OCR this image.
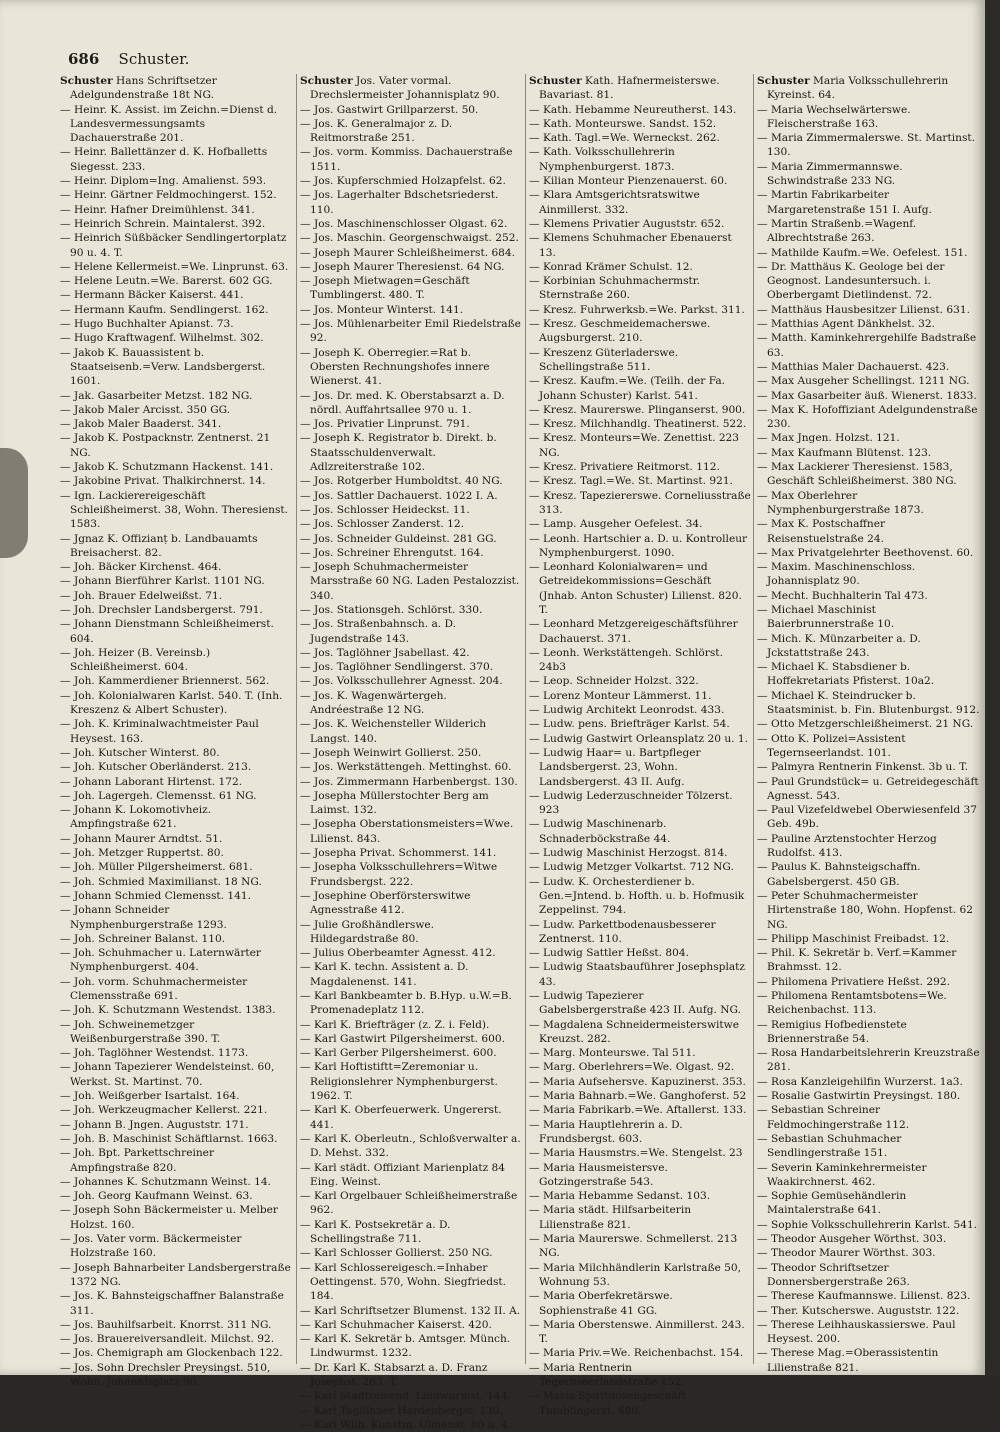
686 Schuster.

Schuster Hans Schriftsetzer Adelgundenstraße 18t NG.

— Heinr. K. Assist. im Zeichn.=Dienst d. Landesvermessungsamts Dachauerstraße 201.

— Heinr. Ballettänzer d. K. Hofballetts Siegesst. 233.

— Heinr. Diplom=Ing. Amalienst. 593.

— Heinr. Gärtner Feldmochingerst. 152.

— Heinr. Hafner Dreimühlenst. 341.

— Heinrich Schrein. Maintalerst. 392.

— Heinrich Süßbäcker Sendlingertorplatz 90 u. 4. T.

— Helene Kellermeist.=We. Linprunst. 63.

— Helene Leutn.=We. Barerst. 602 GG.

— Hermann Bäcker Kaiserst. 441.

— Hermann Kaufm. Sendlingerst. 162.

— Hugo Buchhalter Apianst. 73.

— Hugo Kraftwagenf. Wilhelmst. 302.

— Jakob K. Bauassistent b. Staatseisenb.=Verw. Landsbergerst. 1601.

— Jak. Gasarbeiter Metzst. 182 NG.

— Jakob Maler Arcisst. 350 GG.

— Jakob Maler Baaderst. 341.

— Jakob K. Postpacknstr. Zentnerst. 21 NG.

— Jakob K. Schutzmann Hackenst. 141.

— Jakobine Privat. Thalkirchnerst. 14.

— Ign. Lackierereigeschäft Schleißheimerst. 38, Wohn. Theresienst. 1583.

— Jgnaz K. Offizianț b. Landbauamts Breisacherst. 82.

— Joh. Bäcker Kirchenst. 464.

— Johann Bierführer Karlst. 1101 NG.

— Joh. Brauer Edelweißst. 71.

— Joh. Drechsler Landsbergerst. 791.

— Johann Dienstmann Schleißheimerst. 604.

— Joh. Heizer (B. Vereinsb.) Schleißheimerst. 604.

— Joh. Kammerdiener Briennerst. 562.

— Joh. Kolonialwaren Karlst. 540. T. (Inh. Kreszenz & Albert Schuster).

— Joh. K. Kriminalwachtmeister Paul Heysest. 163.

— Joh. Kutscher Winterst. 80.

— Joh. Kutscher Oberländerst. 213.

— Johann Laborant Hirtenst. 172.

— Joh. Lagergeh. Clemensst. 61 NG.

— Johann K. Lokomotivheiz. Ampfingstraße 621.

— Johann Maurer Arndtst. 51.

— Joh. Metzger Ruppertst. 80.

— Joh. Müller Pilgersheimerst. 681.

— Joh. Schmied Maximilianst. 18 NG.

— Johann Schmied Clemensst. 141.

— Johann Schneider Nymphenburgerstraße 1293.

— Joh. Schreiner Balanst. 110.

— Joh. Schuhmacher u. Laternwärter Nymphenburgerst. 404.

— Joh. vorm. Schuhmachermeister Clemensstraße 691.

— Joh. K. Schutzmann Westendst. 1383.

— Joh. Schweinemetzger Weißenburgerstraße 390. T.

— Joh. Taglöhner Westendst. 1173.

— Johann Tapezierer Wendelsteinst. 60, Werkst. St. Martinst. 70.

— Joh. Weißgerber Isartalst. 164.

— Joh. Werkzeugmacher Kellerst. 221.

— Johann B. Jngen. Auguststr. 171.

— Joh. B. Maschinist Schäftlarnst. 1663.

— Joh. Bpt. Parkettschreiner Ampfingstraße 820.

— Johannes K. Schutzmann Weinst. 14.

— Joh. Georg Kaufmann Weinst. 63.

— Joseph Sohn Bäckermeister u. Melber Holzst. 160.

— Jos. Vater vorm. Bäckermeister Holzstraße 160.

— Joseph Bahnarbeiter Landsbergerstraße 1372 NG.

— Jos. K. Bahnsteigschaffner Balanstraße 311.

— Jos. Bauhilfsarbeit. Knorrst. 311 NG.

— Jos. Brauereiversandleit. Milchst. 92.

— Jos. Chemigraph am Glockenbach 122.

— Jos. Sohn Drechsler Preysingst. 510, Wohn. Johannisplatz 90.

Schuster Jos. Vater vormal. Drechslermeister Johannisplatz 90.

— Jos. Gastwirt Grillparzerst. 50.

— Jos. K. Generalmajor z. D. Reitmorstraße 251.

— Jos. vorm. Kommiss. Dachauerstraße 1511.

— Jos. Kupferschmied Holzapfelst. 62.

— Jos. Lagerhalter Bdschetsriederst. 110.

— Jos. Maschinenschlosser Olgast. 62.

— Jos. Maschin. Georgenschwaigst. 252.

— Joseph Maurer Schleißheimerst. 684.

— Joseph Maurer Theresienst. 64 NG.

— Joseph Mietwagen=Geschäft Tumblingerst. 480. T.

— Jos. Monteur Winterst. 141.

— Jos. Mühlenarbeiter Emil Riedelstraße 92.

— Joseph K. Oberregier.=Rat b. Obersten Rechnungshofes innere Wienerst. 41.

— Jos. Dr. med. K. Oberstabsarzt a. D. nördl. Auffahrtsallee 970 u. 1.

— Jos. Privatier Linprunst. 791.

— Joseph K. Registrator b. Direkt. b. Staatsschuldenverwalt. Adlzreiterstraße 102.

— Jos. Rotgerber Humboldtst. 40 NG.

— Jos. Sattler Dachauerst. 1022 I. A.

— Jos. Schlosser Heideckst. 11.

— Jos. Schlosser Zanderst. 12.

— Jos. Schneider Guldeinst. 281 GG.

— Jos. Schreiner Ehrengutst. 164.

— Joseph Schuhmachermeister Marsstraße 60 NG. Laden Pestalozzist. 340.

— Jos. Stationsgeh. Schlörst. 330.

— Jos. Straßenbahnsch. a. D. Jugendstraße 143.

— Jos. Taglöhner Jsabellast. 42.

— Jos. Taglöhner Sendlingerst. 370.

— Jos. Volksschullehrer Agnesst. 204.

— Jos. K. Wagenwärtergeh. Andréestraße 12 NG.

— Jos. K. Weichensteller Wilderich Langst. 140.

— Joseph Weinwirt Gollierst. 250.

— Jos. Werkstättengeh. Mettinghst. 60.

— Jos. Zimmermann Harbenbergst. 130.

— Josepha Müllerstochter Berg am Laimst. 132.

— Josepha Oberstationsmeisters=Wwe. Lilienst. 843.

— Josepha Privat. Schommerst. 141.

— Josepha Volksschullehrers=Witwe Frundsbergst. 222.

— Josephine Oberförsterswitwe Agnesstraße 412.

— Julie Großhändlerswe. Hildegardstraße 80.

— Julius Oberbeamter Agnesst. 412.

— Karl K. techn. Assistent a. D. Magdalenenst. 141.

— Karl Bankbeamter b. B.Hyp. u.W.=B. Promenadeplatz 112.

— Karl K. Briefträger (z. Z. i. Feld).

— Karl Gastwirt Pilgersheimerst. 600.

— Karl Gerber Pilgersheimerst. 600.

— Karl Hoftistiftt=Zeremoniar u. Religionslehrer Nymphenburgerst. 1962. T.

— Karl K. Oberfeuerwerk. Ungererst. 441.

— Karl K. Oberleutn., Schloßverwalter a. D. Mehst. 332.

— Karl städt. Offiziant Marienplatz 84 Eing. Weinst.

— Karl Orgelbauer Schleißheimerstraße 962.

— Karl K. Postsekretär a. D. Schellingstraße 711.

— Karl Schlosser Gollierst. 250 NG.

— Karl Schlossereigesch.=Inhaber Oettingenst. 570, Wohn. Siegfriedst. 184.

— Karl Schriftsetzer Blumenst. 132 II. A.

— Karl Schuhmacher Kaiserst. 420.

— Karl K. Sekretär b. Amtsger. Münch. Lindwurmst. 1232.

— Dr. Karl K. Stabsarzt a. D. Franz Josephst. 263. T.

— Karl Stadtreisend. Lindwurmst. 144.

— Karl Taglöhner Hardenbergst. 130.

— Karl Wilh. Kunstm. Ulmenst. 80 u. 4.

Schuster Kath. Hafnermeisterswe. Bavariast. 81.

— Kath. Hebamme Neureutherst. 143.

— Kath. Monteurswe. Sandst. 152.

— Kath. Tagl.=We. Werneckst. 262.

— Kath. Volksschullehrerin Nymphenburgerst. 1873.

— Kilian Monteur Pienzenauerst. 60.

— Klara Amtsgerichtsratswitwe Ainmillerst. 332.

— Klemens Privatier Auguststr. 652.

— Klemens Schuhmacher Ebenauerst 13.

— Konrad Krämer Schulst. 12.

— Korbinian Schuhmachermstr. Sternstraße 260.

— Kresz. Fuhrwerksb.=We. Parkst. 311.

— Kresz. Geschmeidemacherswe. Augsburgerst. 210.

— Kreszenz Güterladerswe. Schellingstraße 511.

— Kresz. Kaufm.=We. (Teilh. der Fa. Johann Schuster) Karlst. 541.

— Kresz. Maurerswe. Plinganserst. 900.

— Kresz. Milchhandlg. Theatinerst. 522.

— Kresz. Monteurs=We. Zenettist. 223 NG.

— Kresz. Privatiere Reitmorst. 112.

— Kresz. Tagl.=We. St. Martinst. 921.

— Kresz. Tapeziererswe. Corneliusstraße 313.

— Lamp. Ausgeher Oefelest. 34.

— Leonh. Hartschier a. D. u. Kontrolleur Nymphenburgerst. 1090.

— Leonhard Kolonialwaren= und Getreidekommissions=Geschäft (Jnhab. Anton Schuster) Lilienst. 820. T.

— Leonhard Metzgereigeschäftsführer Dachauerst. 371.

— Leonh. Werkstättengeh. Schlörst. 24b3

— Leop. Schneider Holzst. 322.

— Lorenz Monteur Lämmerst. 11.

— Ludwig Architekt Leonrodst. 433.

— Ludw. pens. Briefträger Karlst. 54.

— Ludwig Gastwirt Orleansplatz 20 u. 1.

— Ludwig Haar= u. Bartpfleger Landsbergerst. 23, Wohn. Landsbergerst. 43 II. Aufg.

— Ludwig Lederzuschneider Tölzerst. 923

— Ludwig Maschinenarb. Schnaderböckstraße 44.

— Ludwig Maschinist Herzogst. 814.

— Ludwig Metzger Volkartst. 712 NG.

— Ludw. K. Orchesterdiener b. Gen.=Jntend. b. Hofth. u. b. Hofmusik Zeppelinst. 794.

— Ludw. Parkettbodenausbesserer Zentnerst. 110.

— Ludwig Sattler Heßst. 804.

— Ludwig Staatsbauführer Josephsplatz 43.

— Ludwig Tapezierer Gabelsbergerstraße 423 II. Aufg. NG.

— Magdalena Schneidermeisterswitwe Kreuzst. 282.

— Marg. Monteurswe. Tal 511.

— Marg. Oberlehrers=We. Olgast. 92.

— Maria Aufsehersve. Kapuzinerst. 353.

— Maria Bahnarb.=We. Ganghoferst. 52

— Maria Fabrikarb.=We. Aftallerst. 133.

— Maria Hauptlehrerin a. D. Frundsbergst. 603.

— Maria Hausmstrs.=We. Stengelst. 23

— Maria Hausmeistersve. Gotzingerstraße 543.

— Maria Hebamme Sedanst. 103.

— Maria städt. Hilfsarbeiterin Lilienstraße 821.

— Maria Maurerswe. Schmellerst. 213 NG.

— Maria Milchhändlerin Karlstraße 50, Wohnung 53.

— Maria Oberfekretärswe. Sophienstraße 41 GG.

— Maria Oberstenswe. Ainmillerst. 243. T.

— Maria Priv.=We. Reichenbachst. 154.

— Maria Rentnerin Tegernseerlandstraße 152.

— Maria Spirituosengeschäft Tumblingerst. 480.

Schuster Maria Volksschullehrerin Kyreinst. 64.

— Maria Wechselwärterswe. Fleischerstraße 163.

— Maria Zimmermalerswe. St. Martinst. 130.

— Maria Zimmermannswe. Schwindstraße 233 NG.

— Martin Fabrikarbeiter Margaretenstraße 151 I. Aufg.

— Martin Straßenb.=Wagenf. Albrechtstraße 263.

— Mathilde Kaufm.=We. Oefelest. 151.

— Dr. Matthäus K. Geologe bei der Geognost. Landesuntersuch. i. Oberbergamt Dietlindenst. 72.

— Matthäus Hausbesitzer Lilienst. 631.

— Matthias Agent Dänkhelst. 32.

— Matth. Kaminkehrergehilfe Badstraße 63.

— Matthias Maler Dachauerst. 423.

— Max Ausgeher Schellingst. 1211 NG.

— Max Gasarbeiter äuß. Wienerst. 1833.

— Max K. Hofoffiziant Adelgundenstraße 230.

— Max Jngen. Holzst. 121.

— Max Kaufmann Blütenst. 123.

— Max Lackierer Theresienst. 1583, Geschäft Schleißheimerst. 380 NG.

— Max Oberlehrer Nymphenburgerstraße 1873.

— Max K. Postschaffner Reisenstuelstraße 24.

— Max Privatgelehrter Beethovenst. 60.

— Maxim. Maschinenschloss. Johannisplatz 90.

— Mecht. Buchhalterin Tal 473.

— Michael Maschinist Baierbrunnerstraße 10.

— Mich. K. Münzarbeiter a. D. Jckstattstraße 243.

— Michael K. Stabsdiener b. Hoffekretariats Pfisterst. 10a2.

— Michael K. Steindrucker b. Staatsminist. b. Fin. Blutenburgst. 912.

— Otto Metzgerschleißheimerst. 21 NG.

— Otto K. Polizei=Assistent Tegernseerlandst. 101.

— Palmyra Rentnerin Finkenst. 3b u. T.

— Paul Grundstück= u. Getreidegeschäft Agnesst. 543.

— Paul Vizefeldwebel Oberwiesenfeld 37 Geb. 49b.

— Pauline Arztenstochter Herzog Rudolfst. 413.

— Paulus K. Bahnsteigschaffn. Gabelsbergerst. 450 GB.

— Peter Schuhmachermeister Hirtenstraße 180, Wohn. Hopfenst. 62 NG.

— Philipp Maschinist Freibadst. 12.

— Phil. K. Sekretär b. Verf.=Kammer Brahmsst. 12.

— Philomena Privatiere Heßst. 292.

— Philomena Rentamtsbotens=We. Reichenbachst. 113.

— Remigius Hofbedienstete Briennerstraße 54.

— Rosa Handarbeitslehrerin Kreuzstraße 281.

— Rosa Kanzleigehilfin Wurzerst. 1a3.

— Rosalie Gastwirtin Preysingst. 180.

— Sebastian Schreiner Feldmochingerstraße 112.

— Sebastian Schuhmacher Sendlingerstraße 151.

— Severin Kaminkehrermeister Waakirchnerst. 462.

— Sophie Gemüsehändlerin Maintalerstraße 641.

— Sophie Volksschullehrerin Karlst. 541.

— Theodor Ausgeher Wörthst. 303.

— Theodor Maurer Wörthst. 303.

— Theodor Schriftsetzer Donnersbergerstraße 263.

— Therese Kaufmannswe. Lilienst. 823.

— Ther. Kutscherswe. Auguststr. 122.

— Therese Leihhauskassierswe. Paul Heysest. 200.

— Therese Mag.=Oberassistentin Lilienstraße 821.
